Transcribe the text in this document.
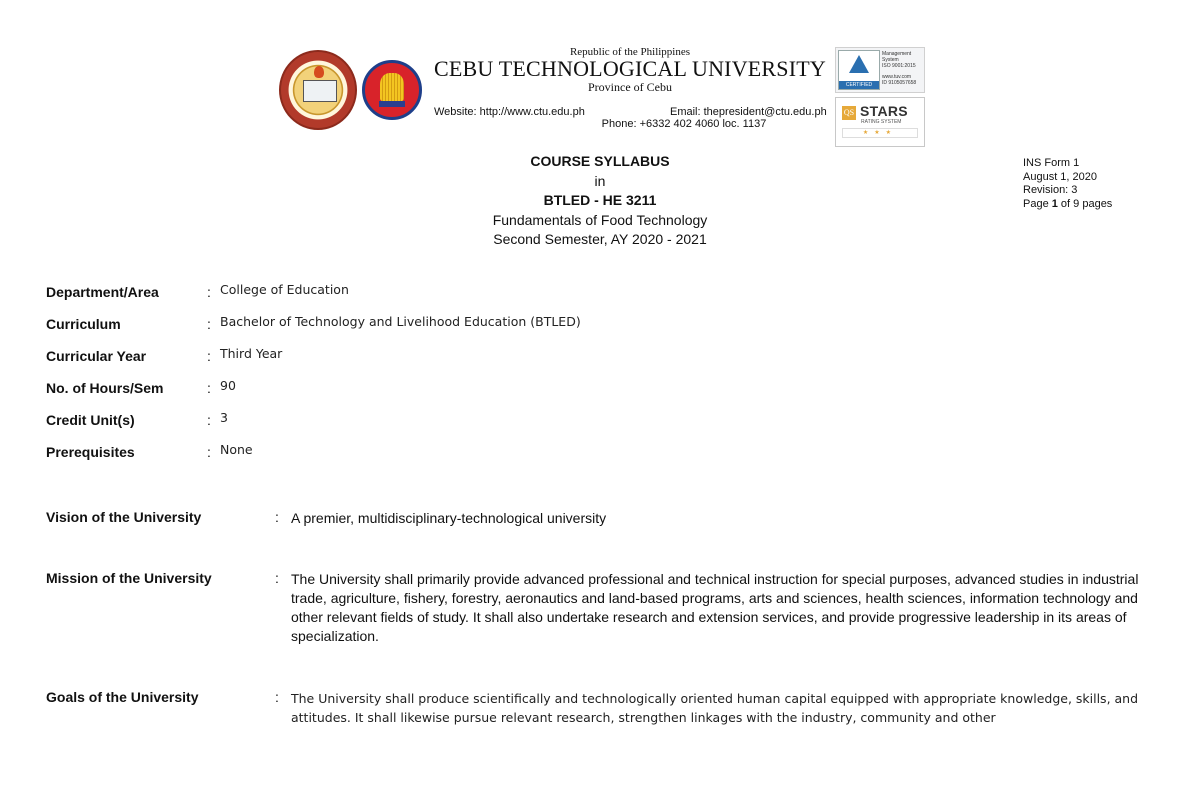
Republic of the Philippines
CEBU TECHNOLOGICAL UNIVERSITY
Province of Cebu
Website: http://www.ctu.edu.ph	Email: thepresident@ctu.edu.ph
Phone: +6332 402 4060 loc. 1137
CERTIFIED
Management
System
ISO 9001:2015
www.tuv.com
ID 9105057658
QS STARS
RATING SYSTEM
★★★
COURSE SYLLABUS
in
BTLED - HE 3211
Fundamentals of Food Technology
Second Semester, AY 2020 - 2021
INS Form 1
August 1, 2020
Revision: 3
Page 1 of 9 pages
Department/Area	: College of Education
Curriculum	: Bachelor of Technology and Livelihood Education (BTLED)
Curricular Year	: Third Year
No. of Hours/Sem	: 90
Credit Unit(s)	: 3
Prerequisites	: None
Vision of the University	: A premier, multidisciplinary-technological university
Mission of the University	: The University shall primarily provide advanced professional and technical instruction for special purposes, advanced studies in industrial trade, agriculture, fishery, forestry, aeronautics and land-based programs, arts and sciences, health sciences, information technology and other relevant fields of study. It shall also undertake research and extension services, and provide progressive leadership in its areas of specialization.
Goals of the University	: The University shall produce scientifically and technologically oriented human capital equipped with appropriate knowledge, skills, and attitudes. It shall likewise pursue relevant research, strengthen linkages with the industry, community and other
